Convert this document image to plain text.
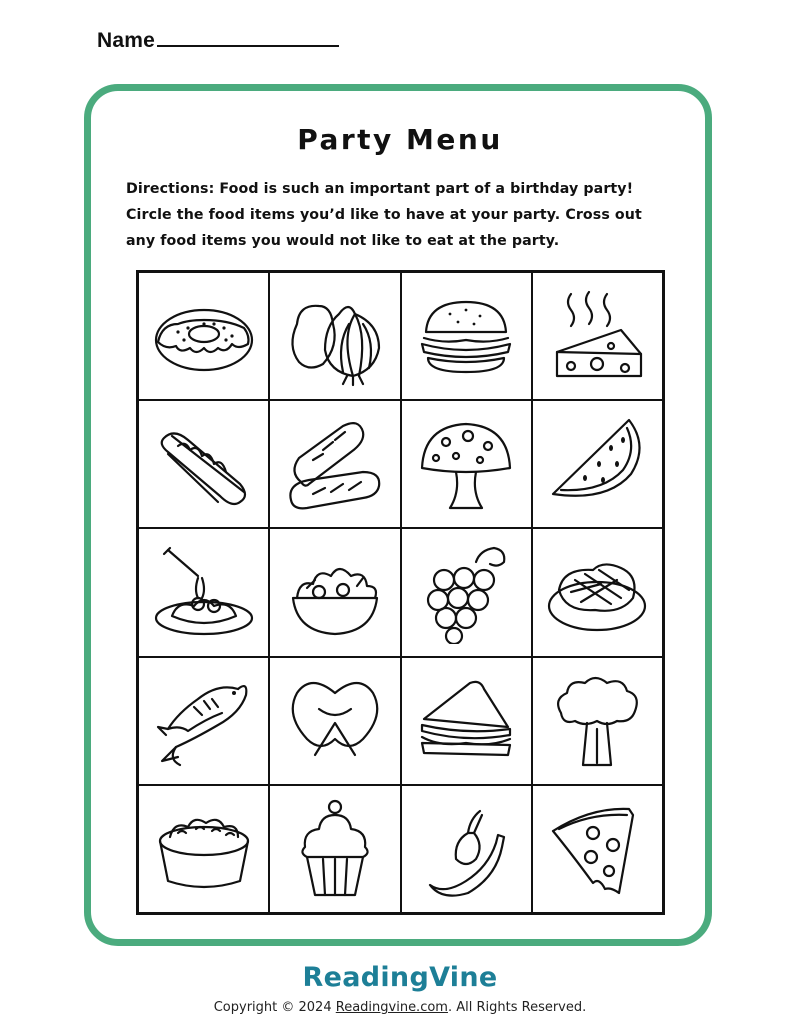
Name
Party Menu
Directions: Food is such an important part of a birthday party! Circle the food items you’d like to have at your party. Cross out any food items you would not like to eat at the party.
ReadingVine
Copyright © 2024 Readingvine.com. All Rights Reserved.
